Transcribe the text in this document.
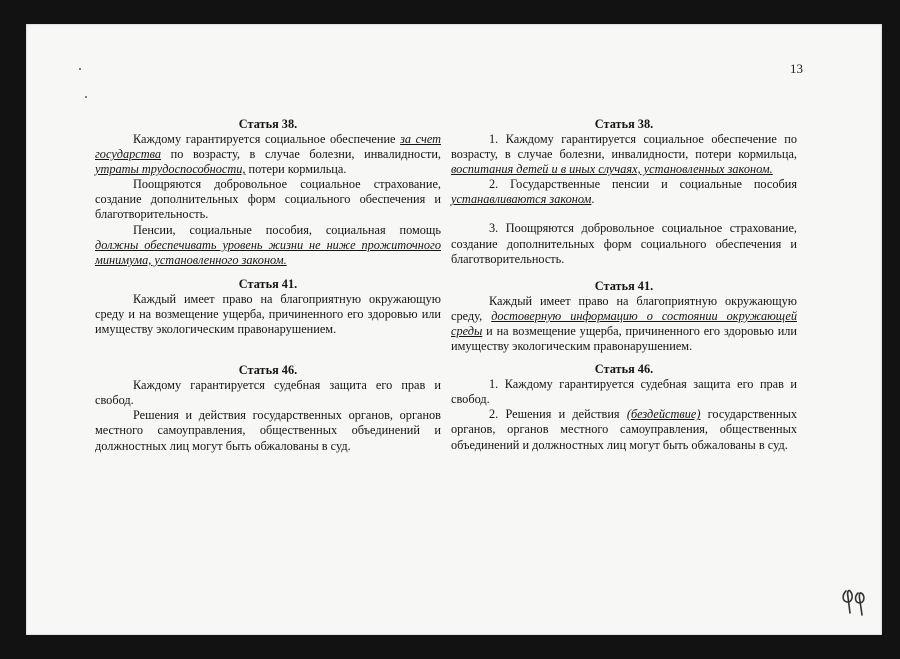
13
Статья 38.

Каждому гарантируется социальное обеспечение за счет государства по возрасту, в случае болезни, инвалидности, утраты трудоспособности, потери кормильца.

Поощряются добровольное социальное страхование, создание дополнительных форм социального обеспечения и благотворительность.

Пенсии, социальные пособия, социальная помощь должны обеспечивать уровень жизни не ниже прожиточного минимума, установленного законом.

Статья 41.

Каждый имеет право на благоприятную окружающую среду и на возмещение ущерба, причиненного его здоровью или имуществу экологическим правонарушением.

Статья 46.

Каждому гарантируется судебная защита его прав и свобод.

Решения и действия государственных органов, органов местного самоуправления, общественных объединений и должностных лиц могут быть обжалованы в суд.

Статья 38.

1. Каждому гарантируется социальное обеспечение по возрасту, в случае болезни, инвалидности, потери кормильца, воспитания детей и в иных случаях, установленных законом.

2. Государственные пенсии и социальные пособия устанавливаются законом.

3. Поощряются добровольное социальное страхование, создание дополнительных форм социального обеспечения и благотворительность.

Статья 41.

Каждый имеет право на благоприятную окружающую среду, достоверную информацию о состоянии окружающей среды и на возмещение ущерба, причиненного его здоровью или имуществу экологическим правонарушением.

Статья 46.

1. Каждому гарантируется судебная защита его прав и свобод.

2. Решения и действия (бездействие) государственных органов, органов местного самоуправления, общественных объединений и должностных лиц могут быть обжалованы в суд.
